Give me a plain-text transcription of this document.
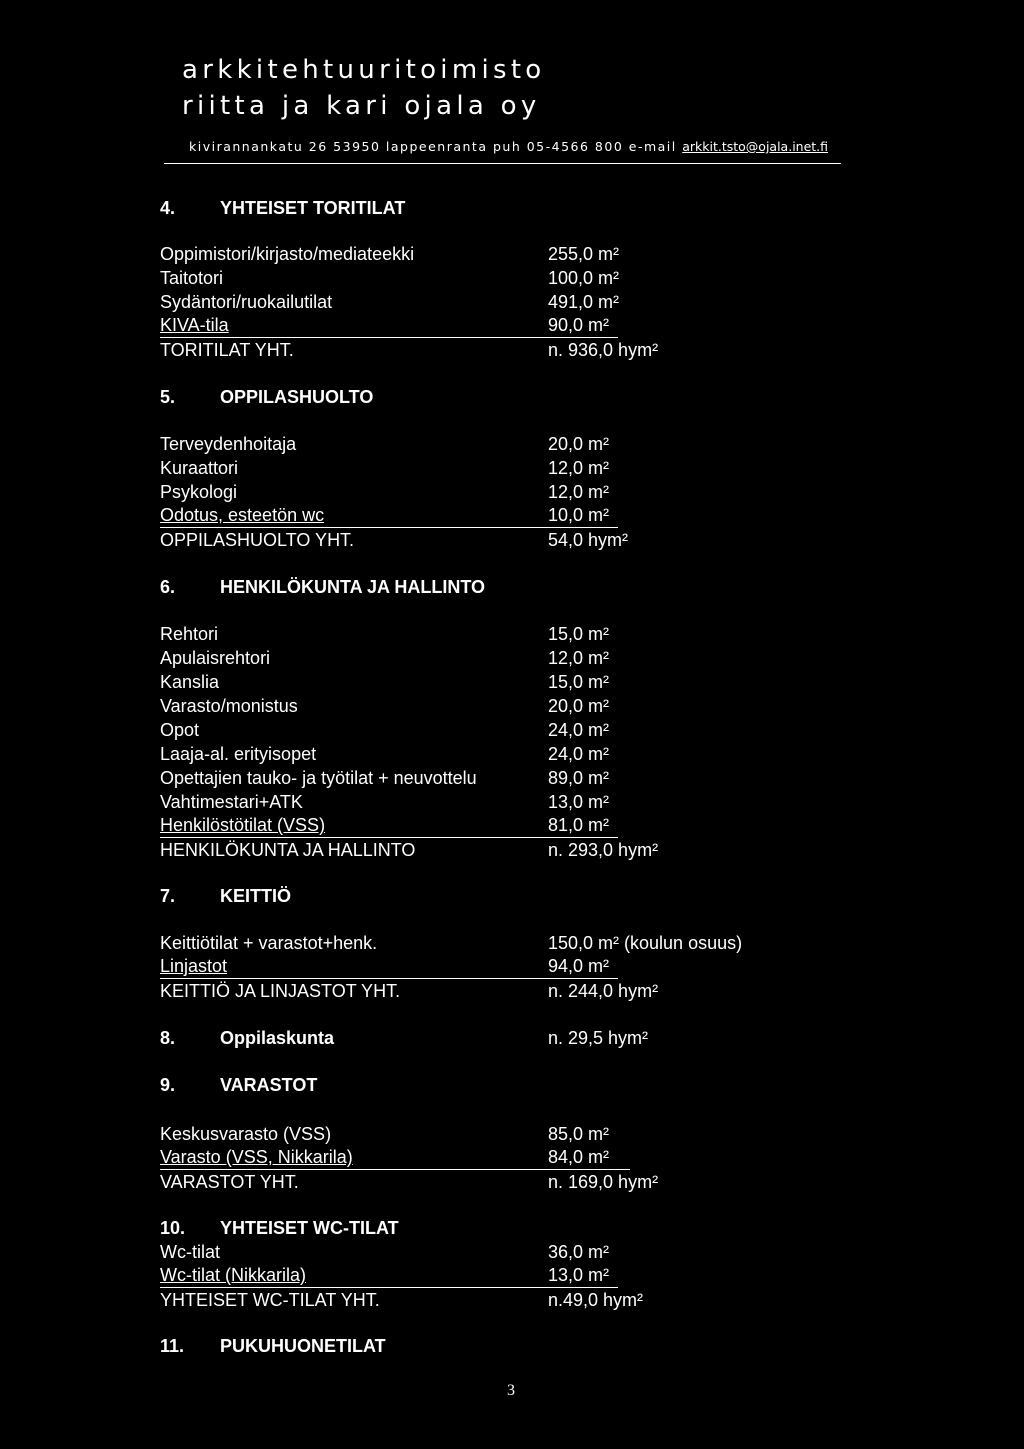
arkkitehtuuritoimisto
riitta ja kari ojala oy
kivirannankatu 26 53950 lappeenranta puh 05-4566 800 e-mail arkkit.tsto@ojala.inet.fi
4. YHTEISET TORITILAT
Oppimistori/kirjasto/mediateekki	255,0 m²
Taitotori	100,0 m²
Sydäntori/ruokailutilat	491,0 m²
KIVA-tila	90,0 m²
TORITILAT YHT.	n. 936,0 hym²
5. OPPILASHUOLTO
Terveydenhoitaja	20,0 m²
Kuraattori	12,0 m²
Psykologi	12,0 m²
Odotus, esteetön wc	10,0 m²
OPPILASHUOLTO YHT.	54,0 hym²
6. HENKILÖKUNTA JA HALLINTO
Rehtori	15,0 m²
Apulaisrehtori	12,0 m²
Kanslia	15,0 m²
Varasto/monistus	20,0 m²
Opot	24,0 m²
Laaja-al. erityisopet	24,0 m²
Opettajien tauko- ja työtilat + neuvottelu	89,0 m²
Vahtimestari+ATK	13,0 m²
Henkilöstötilat (VSS)	81,0 m²
HENKILÖKUNTA JA HALLINTO	n. 293,0 hym²
7. KEITTIÖ
Keittiötilat + varastot+henk.	150,0 m² (koulun osuus)
Linjastot	94,0 m²
KEITTIÖ JA LINJASTOT YHT.	n. 244,0 hym²
8. Oppilaskunta	n. 29,5 hym²
9. VARASTOT
Keskusvarasto (VSS)	85,0 m²
Varasto (VSS, Nikkarila)	84,0 m²
VARASTOT YHT.	n. 169,0 hym²
10. YHTEISET WC-TILAT
Wc-tilat	36,0 m²
Wc-tilat (Nikkarila)	13,0 m²
YHTEISET WC-TILAT YHT.	n.49,0 hym²
11. PUKUHUONETILAT
3
